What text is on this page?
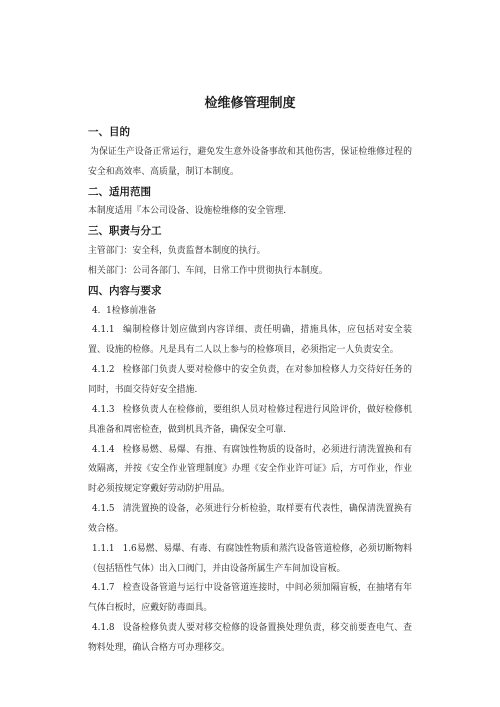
检维修管理制度
一、目的

为保证生产设备正常运行，避免发生意外设备事故和其他伤害，保证检维修过程的安全和高效率、高质量，制订本制度。

二、适用范围

本制度适用『本公司设备、设施检维修的安全管理.

三、职责与分工

主管部门：安全科，负责监督本制度的执行。

相关部门：公司各部门、车间，日常工作中贯彻执行本制度。

四、内容与要求

4.  1检修前准备

4.1.1 编制检修计划应做到内容详细、责任明确，措施具体，应包括对安全装置、设施的检修。凡是具有二人以上参与的检修项目，必须指定一人负责安全。

4.1.2 检修部门负责人要对检修中的安全负责，在对参加检修人力交待好任务的同时，书面交待好安全措施.

4.1.3 检修负责人在检修前，要组织人员对检修过程进行风险评价，做好检修机具准备和周密检查，做到机具齐备，确保安全可靠.

4.1.4 检修易燃、易爆、有推、有腐蚀性物质的设备时，必须进行清洗置换和有效隔离，并按《安全作业管理制度》办理《安全作业许可证》后，方可作业，作业时必须按规定穿戴好劳动防护用品。

4.1.5 清洗置换的设备，必须进行分析检验，取样要有代表性，确保清洗置换有效合格。

1.1.1 1.6易燃、易爆、有毒、有腐蚀性物质和蒸汽设备管道检修，必须切断物料（包括牾性气体）出入口阀门，并由设备所属生产车间加设盲板。

4.1.7 检查设备管道与运行中设备管道连接时，中间必须加隔盲板，在抽堵有年气体白板时，应戴好防毒面具。

4.1.8 设备检修负责人要对移交检修的设备置换处理负责，移交前要查电气、查物料处理，确认合格方可办理移交。
